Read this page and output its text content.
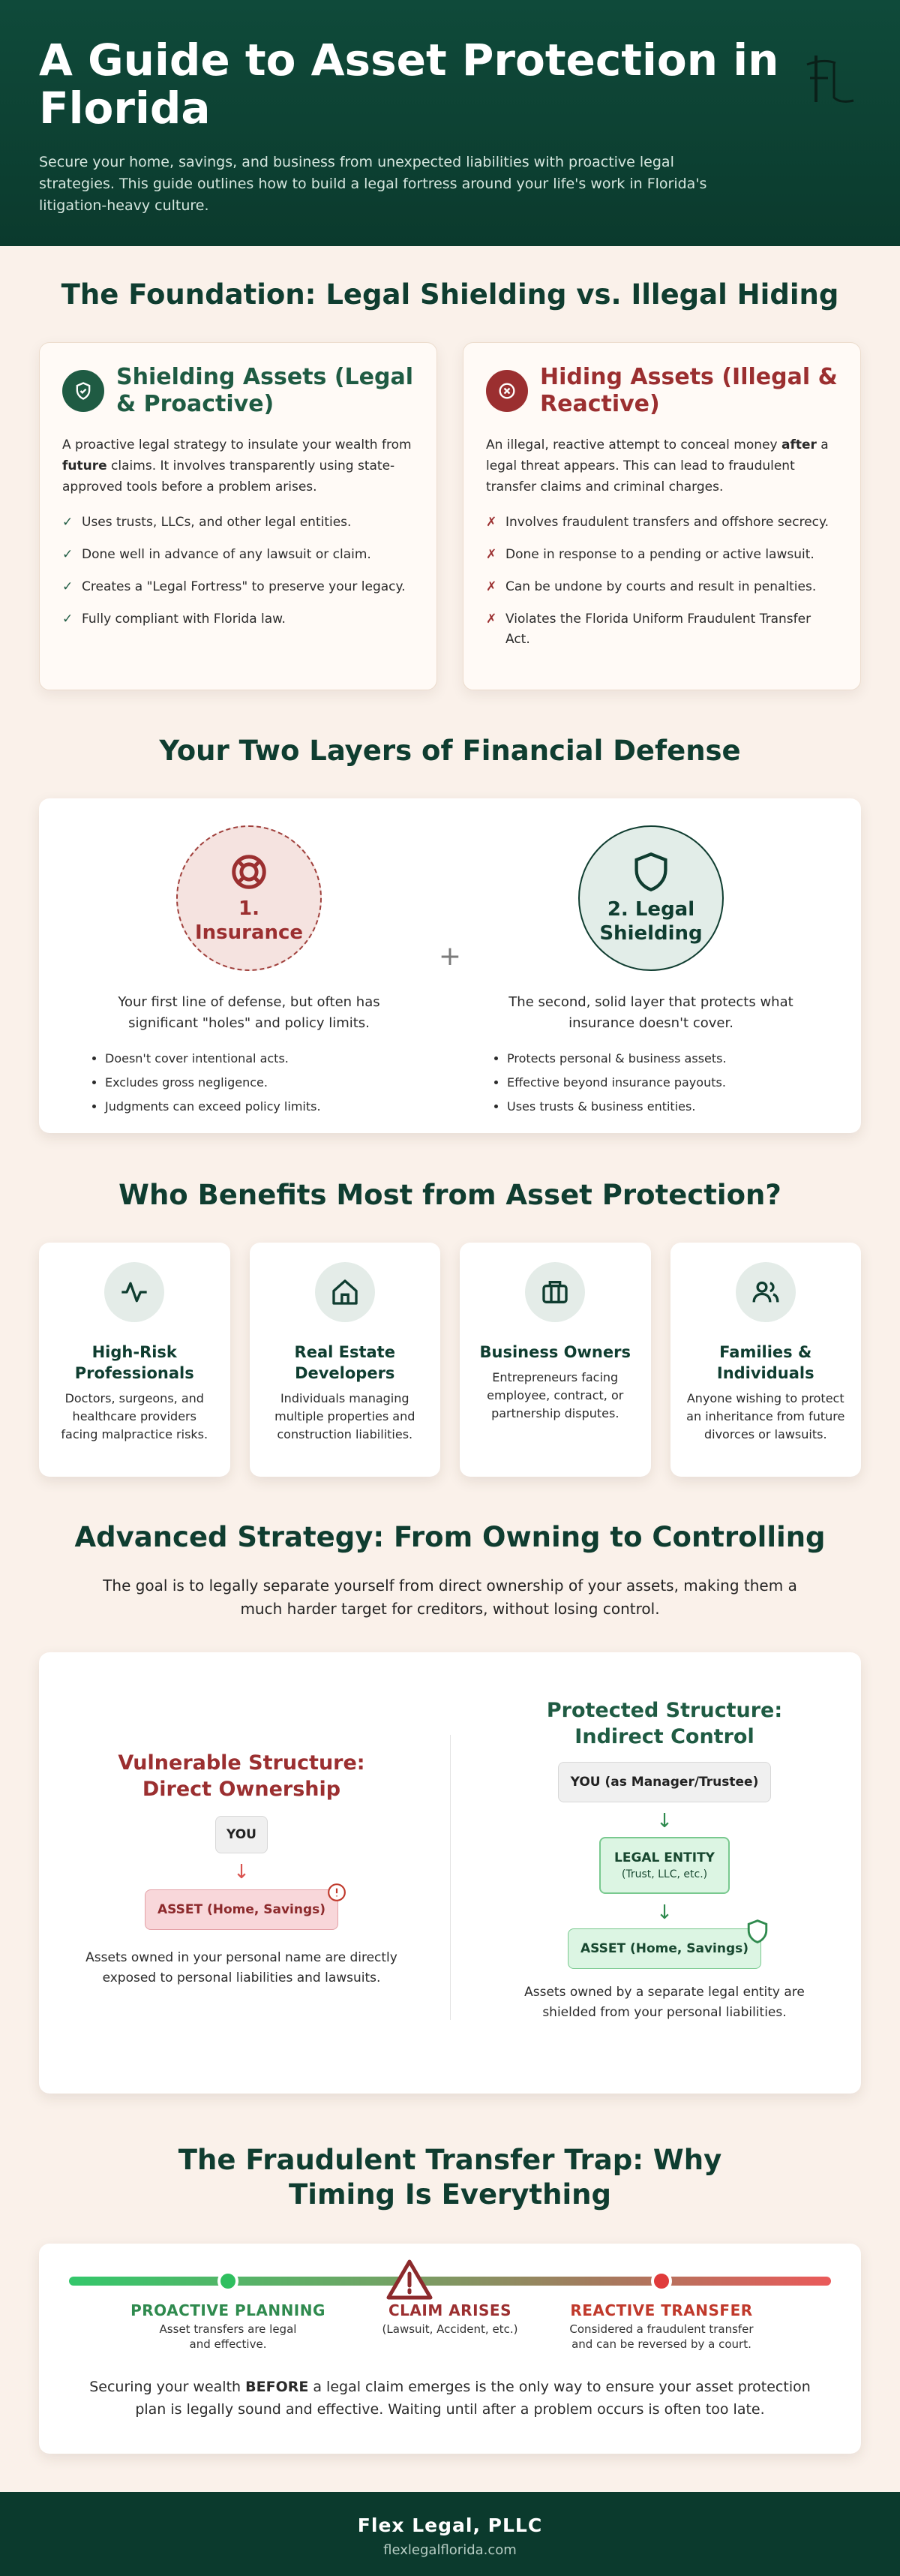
A Guide to Asset Protection in Florida

Secure your home, savings, and business from unexpected liabilities with proactive legal strategies. This guide outlines how to build a legal fortress around your life's work in Florida's litigation-heavy culture.

The Foundation: Legal Shielding vs. Illegal Hiding
Shielding Assets (Legal & Proactive)

A proactive legal strategy to insulate your wealth from future claims. It involves transparently using state-approved tools before a problem arises.

✓ Uses trusts, LLCs, and other legal entities.
✓ Done well in advance of any lawsuit or claim.
✓ Creates a "Legal Fortress" to preserve your legacy.
✓ Fully compliant with Florida law.
Hiding Assets (Illegal & Reactive)

An illegal, reactive attempt to conceal money after a legal threat appears. This can lead to fraudulent transfer claims and criminal charges.

✗ Involves fraudulent transfers and offshore secrecy.
✗ Done in response to a pending or active lawsuit.
✗ Can be undone by courts and result in penalties.
✗ Violates the Florida Uniform Fraudulent Transfer Act.
Your Two Layers of Financial Defense
1.
Insurance

Your first line of defense, but often has significant "holes" and policy limits.

• Doesn't cover intentional acts.
• Excludes gross negligence.
• Judgments can exceed policy limits.
+
2. Legal
Shielding

The second, solid layer that protects what insurance doesn't cover.

• Protects personal & business assets.
• Effective beyond insurance payouts.
• Uses trusts & business entities.
Who Benefits Most from Asset Protection?
High-Risk Professionals

Doctors, surgeons, and healthcare providers facing malpractice risks.

Real Estate Developers

Individuals managing multiple properties and construction liabilities.

Business Owners

Entrepreneurs facing employee, contract, or partnership disputes.

Families & Individuals

Anyone wishing to protect an inheritance from future divorces or lawsuits.

Advanced Strategy: From Owning to Controlling

The goal is to legally separate yourself from direct ownership of your assets, making them a much harder target for creditors, without losing control.

Vulnerable Structure: Direct Ownership
YOU
↓
ASSET (Home, Savings)

Assets owned in your personal name are directly exposed to personal liabilities and lawsuits.

Protected Structure: Indirect Control
YOU (as Manager/Trustee)
↓
LEGAL ENTITY
(Trust, LLC, etc.)
↓
ASSET (Home, Savings)

Assets owned by a separate legal entity are shielded from your personal liabilities.

The Fraudulent Transfer Trap: Why Timing Is Everything
PROACTIVE PLANNING
Asset transfers are legal and effective.
CLAIM ARISES
(Lawsuit, Accident, etc.)
REACTIVE TRANSFER
Considered a fraudulent transfer and can be reversed by a court.

Securing your wealth BEFORE a legal claim emerges is the only way to ensure your asset protection plan is legally sound and effective. Waiting until after a problem occurs is often too late.

Flex Legal, PLLC
flexlegalflorida.com
